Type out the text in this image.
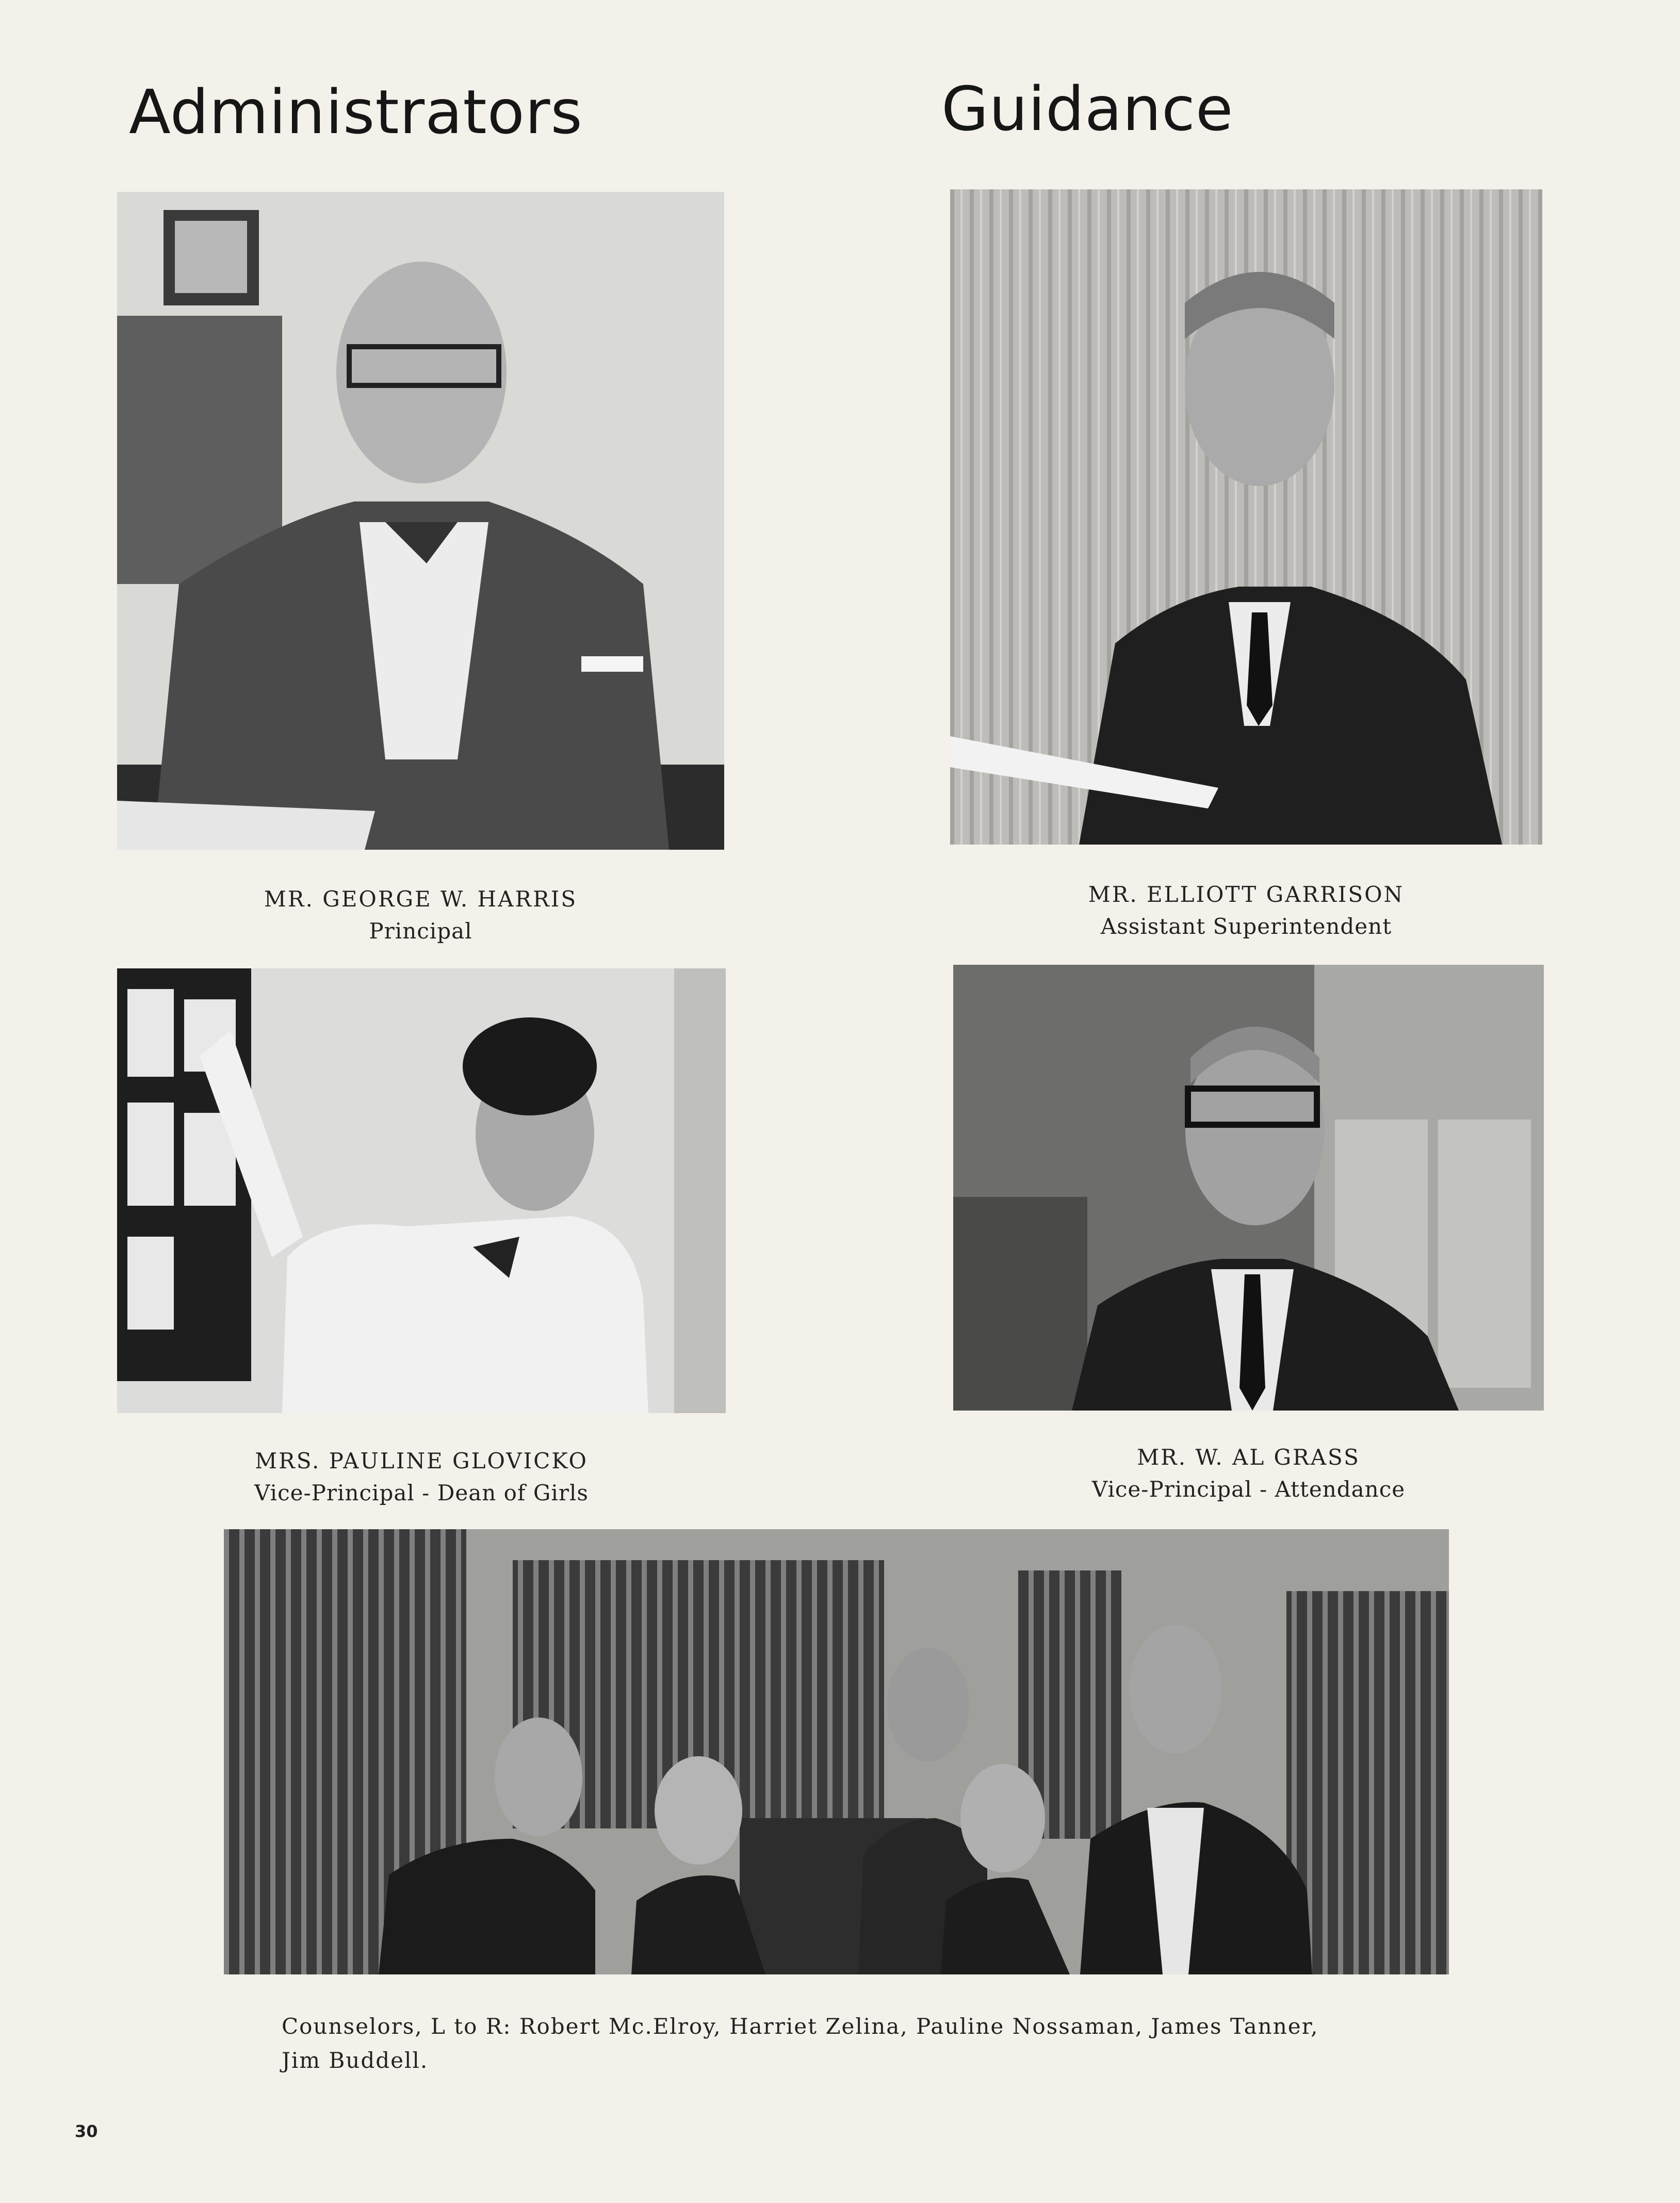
Administrators	Guidance
MR. GEORGE W. HARRIS
Principal
MR. ELLIOTT GARRISON
Assistant Superintendent
MRS. PAULINE GLOVICKO
Vice-Principal - Dean of Girls
MR. W. AL GRASS
Vice-Principal - Attendance
Counselors, L to R: Robert Mc.Elroy, Harriet Zelina, Pauline Nossaman, James Tanner,
Jim Buddell.
30
